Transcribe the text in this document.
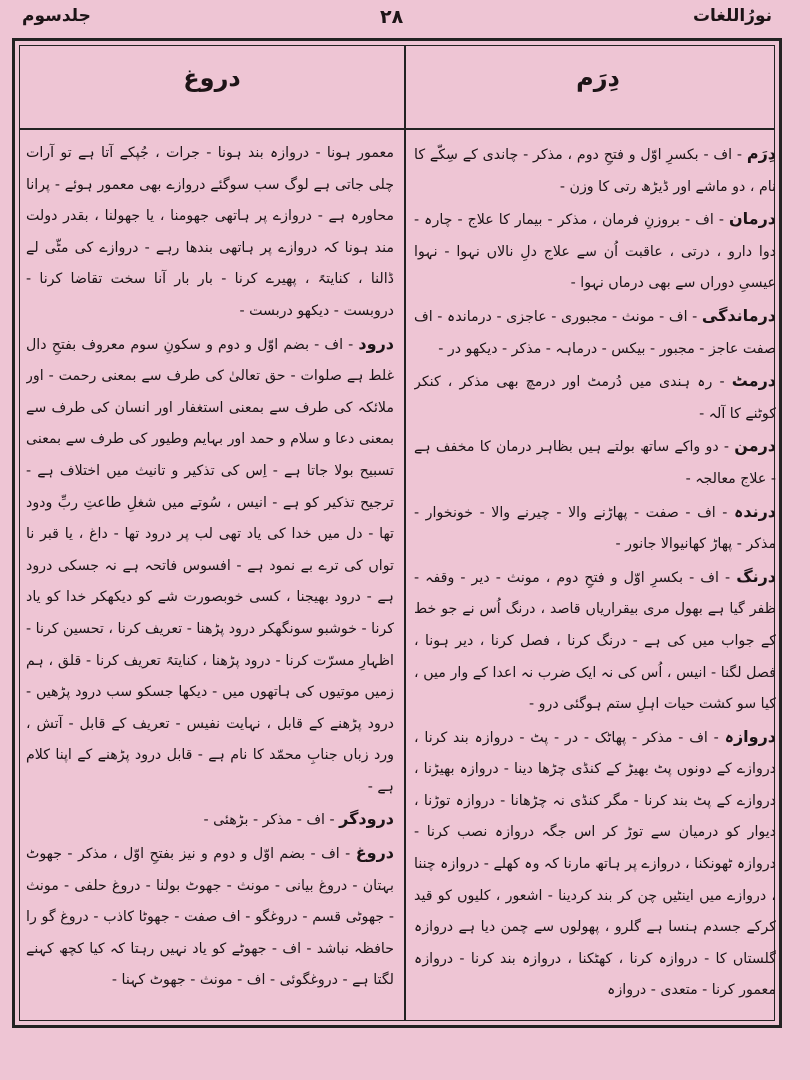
جلدسوم	۲۸	نورُاللغات
دروغ	دِرَم

معمور ہونا - دروازہ بند ہونا - جرات ، جُپکے آتا ہے تو آرات چلی جاتی ہے لوگ سب سوگئے دروازے بھی معمور ہوئے - پرانا محاورہ ہے - دروازے پر ہاتھی جھومنا ، یا جھولنا ، بقدر دولت مند ہونا کہ دروازے پر ہاتھی بندھا رہے - دروازے کی مٹّی لے ڈالنا ، کنایتہً ، پھیرے کرنا - بار بار آنا سخت تقاضا کرنا - دروبست - دیکھو دربست -

درود - اف - بضم اوّل و دوم و سکونِ سوم معروف بفتحِ دال غلط ہے صلوات - حق تعالیٰ کی طرف سے بمعنی رحمت - اور ملائکہ کی طرف سے بمعنی استغفار اور انسان کی طرف سے بمعنی دعا و سلام و حمد اور بہایم وطیور کی طرف سے بمعنی تسبیح بولا جاتا ہے - اِس کی تذکیر و تانیث میں اختلاف ہے - ترجیح تذکیر کو ہے - انیس ، سُوتے میں شغلِ طاعتِ ربِّ ودود تھا - دل میں خدا کی یاد تھی لب پر درود تھا - داغ ، یا قبر نا تواں کی ترے بے نمود ہے - افسوس فاتحہ ہے نہ جسکی درود ہے - درود بھیجنا ، کسی خوبصورت شے کو دیکھکر خدا کو یاد کرنا - خوشبو سونگھکر درود پڑھنا - تعریف کرنا ، تحسین کرنا - اظہارِ مسرّت کرنا - درود پڑھنا ، کنایتہً تعریف کرنا - قلق ، ہم زمیں موتیوں کی ہاتھوں میں - دیکھا جسکو سب درود پڑھیں - درود پڑھنے کے قابل ، نہایت نفیس - تعریف کے قابل - آتش ، ورد زباں جنابِ محمّد کا نام ہے - قابل درود پڑھنے کے اپنا کلام ہے -

درودگر - اف - مذکر - بڑھئی -

دروغ - اف - بضم اوّل و دوم و نیز بفتحِ اوّل ، مذکر - جھوٹ بہتان - دروغ بیانی - مونث - جھوٹ بولنا - دروغ حلفی - مونث - جھوٹی قسم - دروغگو - اف صفت - جھوٹا کاذب - دروغ گو را حافظہ نباشد - اف - جھوٹے کو یاد نہیں رہتا کہ کیا کچھ کہنے لگتا ہے - دروغگوئی - اف - مونث - جھوٹ کہنا -

دِرَم - اف - بکسرِ اوّل و فتحِ دوم ، مذکر - چاندی کے سِکّے کا نام ، دو ماشے اور ڈیڑھ رتی کا وزن -

درمان - اف - بروزنِ فرمان ، مذکر - بیمار کا علاج - چارہ - دوا دارو ، درتی ، عاقبت اُن سے علاج دلِ نالاں نہوا - نہوا عیسیِ دوراں سے بھی درماں نہوا -

درماندگی - اف - مونث - مجبوری - عاجزی - درماندہ - اف صفت عاجز - مجبور - بیکس - درماہہ - مذکر - دیکھو در -

درمٹ - رہ ہندی میں دُرمٹ اور درمچ بھی مذکر ، کنکر کوٹنے کا آلہ -

درمن - دو واکے ساتھ بولتے ہیں بظاہر درمان کا مخفف ہے - علاج معالجہ -

درندہ - اف - صفت - پھاڑنے والا - چیرنے والا - خونخوار - مذکر - پھاڑ کھانیوالا جانور -

درنگ - اف - بکسرِ اوّل و فتحِ دوم ، مونث - دیر - وقفہ - ظفر گیا ہے بھول مری بیقراریاں قاصد ، درنگ اُس نے جو خط کے جواب میں کی ہے - درنگ کرنا ، فصل کرنا ، دیر ہونا ، فصل لگنا - انیس ، اُس کی نہ ایک ضرب نہ اعدا کے وار میں ، کیا سو کشت حیات اہلِ ستم ہوگئی درو -

دروازہ - اف - مذکر - پھاٹک - در - پٹ - دروازہ بند کرنا ، دروازے کے دونوں پٹ بھیڑ کے کنڈی چڑھا دینا - دروازہ بھیڑنا ، دروازے کے پٹ بند کرنا - مگر کنڈی نہ چڑھانا - دروازہ توڑنا ، دیوار کو درمیان سے توڑ کر اس جگہ دروازہ نصب کرنا - دروازہ ٹھونکنا ، دروازے پر ہاتھ مارنا کہ وہ کھلے - دروازہ چننا ، دروازے میں اینٹیں چن کر بند کردینا - اشعور ، کلیوں کو قید کرکے جسدم ہنسا ہے گلرو ، پھولوں سے چمن دیا ہے دروازہ گلستاں کا - دروازہ کرنا ، کھٹکنا ، دروازہ بند کرنا - دروازہ معمور کرنا - متعدی - دروازہ
